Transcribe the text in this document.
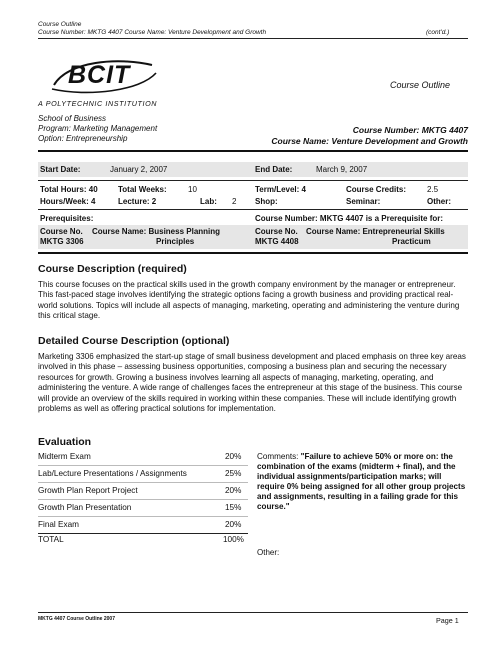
Course Outline
Course Number: MKTG 4407 Course Name: Venture Development and Growth	(cont'd.)
BCIT
A POLYTECHNIC INSTITUTION
Course Outline
School of Business
Program: Marketing Management
Option: Entrepreneurship
Course Number: MKTG 4407
Course Name: Venture Development and Growth
Start Date:	January 2, 2007	End Date:	March 9, 2007
Total Hours: 40	Total Weeks:	10	Term/Level: 4	Course Credits:	2.5
Hours/Week: 4	Lecture: 2	Lab: 2 Shop:	Seminar:	Other:
Prerequisites:	Course Number: MKTG 4407 is a Prerequisite for:
Course No. Course Name: Business Planning
MKTG 3306	Principles
Course No. Course Name: Entrepreneurial Skills
MKTG 4408	Practicum
Course Description (required)
This course focuses on the practical skills used in the growth company environment by the manager or entrepreneur. This fast-paced stage involves identifying the strategic options facing a growth business and providing practical real-world solutions. Topics will include all aspects of managing, marketing, operating and administering the venture during this critical stage.
Detailed Course Description (optional)
Marketing 3306 emphasized the start-up stage of small business development and placed emphasis on three key areas involved in this phase – assessing business opportunities, composing a business plan and securing the necessary resources for growth. Growing a business involves learning all aspects of managing, marketing, operating, and administering the venture. A wide range of challenges faces the entrepreneur at this stage of the business. This course will provide an overview of the skills required in working within these companies. These will include identifying growth problems as well as offering practical solutions for implementation.
Evaluation
Midterm Exam	20%
Lab/Lecture Presentations / Assignments	25%
Growth Plan Report Project	20%
Growth Plan Presentation	15%
Final Exam	20%
TOTAL	100%
Comments: "Failure to achieve 50% or more on: the combination of the exams (midterm + final), and the individual assignments/participation marks; will require 0% being assigned for all other group projects and assignments, resulting in a failing grade for this course."
Other:
MKTG 4407 Course Outline 2007	Page 1
